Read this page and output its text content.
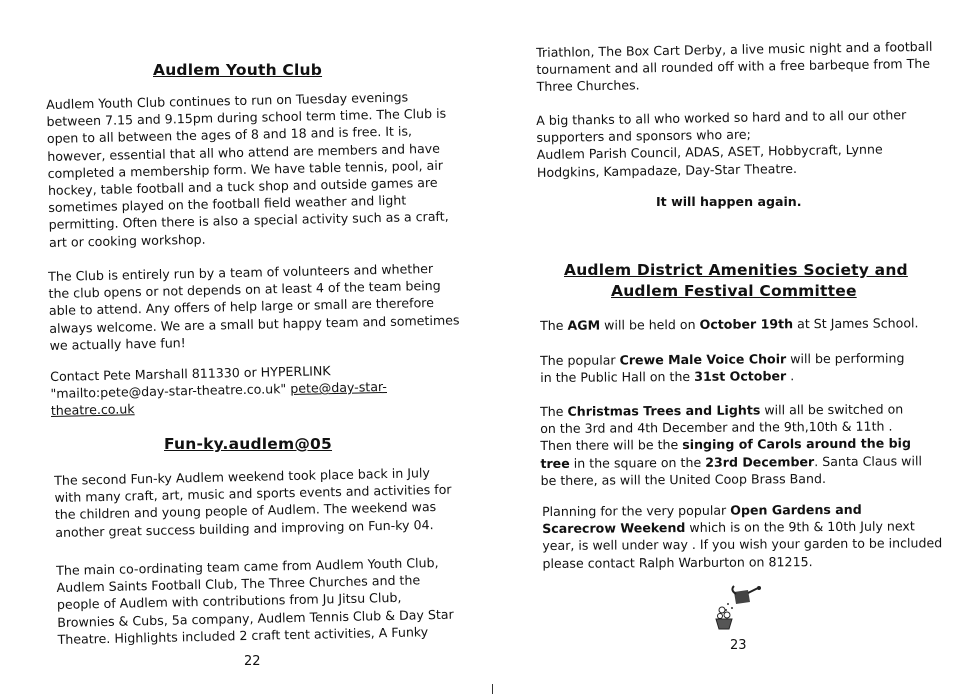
Audlem Youth Club
Audlem Youth Club continues to run on Tuesday evenings
between 7.15 and 9.15pm during school term time. The Club is
open to all between the ages of 8 and 18 and is free. It is,
however, essential that all who attend are members and have
completed a membership form. We have table tennis, pool, air
hockey, table football and a tuck shop and outside games are
sometimes played on the football field weather and light
permitting. Often there is also a special activity such as a craft,
art or cooking workshop.
The Club is entirely run by a team of volunteers and whether
the club opens or not depends on at least 4 of the team being
able to attend. Any offers of help large or small are therefore
always welcome. We are a small but happy team and sometimes
we actually have fun!
Contact Pete Marshall 811330 or HYPERLINK
"mailto:pete@day-star-theatre.co.uk" pete@day-star-
theatre.co.uk
Fun-ky.audlem@05
The second Fun-ky Audlem weekend took place back in July
with many craft, art, music and sports events and activities for
the children and young people of Audlem. The weekend was
another great success building and improving on Fun-ky 04.
The main co-ordinating team came from Audlem Youth Club,
Audlem Saints Football Club, The Three Churches and the
people of Audlem with contributions from Ju Jitsu Club,
Brownies & Cubs, 5a company, Audlem Tennis Club & Day Star
Theatre. Highlights included 2 craft tent activities, A Funky
22
Triathlon, The Box Cart Derby, a live music night and a football
tournament and all rounded off with a free barbeque from The
Three Churches.
A big thanks to all who worked so hard and to all our other
supporters and sponsors who are;
Audlem Parish Council, ADAS, ASET, Hobbycraft, Lynne
Hodgkins, Kampadaze, Day-Star Theatre.
It will happen again.
Audlem District Amenities Society and
Audlem Festival Committee
The AGM will be held on October 19th at St James School.
The popular Crewe Male Voice Choir will be performing
in the Public Hall on the 31st October .
The Christmas Trees and Lights will all be switched on
on the 3rd and 4th December and the 9th,10th & 11th .
Then there will be the singing of Carols around the big
tree in the square on the 23rd December. Santa Claus will
be there, as will the United Coop Brass Band.
Planning for the very popular Open Gardens and
Scarecrow Weekend which is on the 9th & 10th July next
year, is well under way . If you wish your garden to be included
please contact Ralph Warburton on 81215.
23
